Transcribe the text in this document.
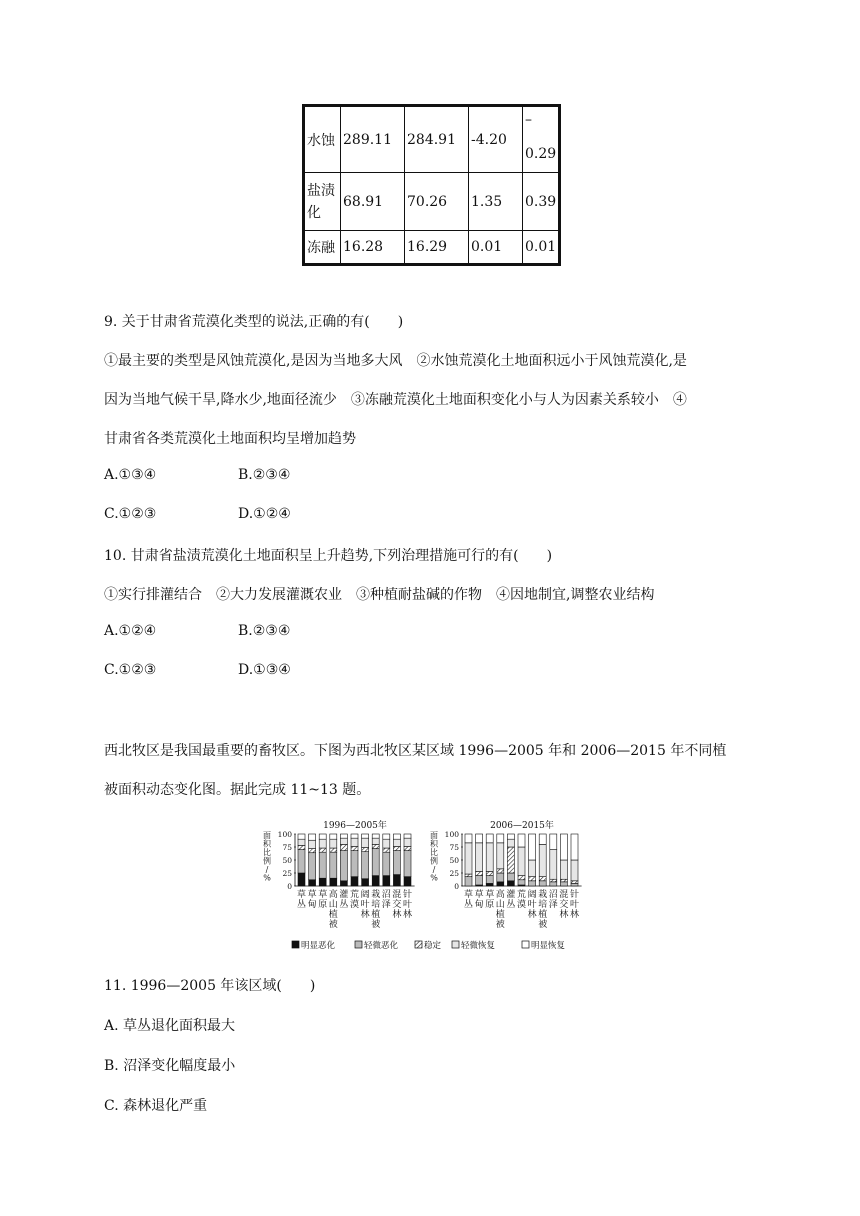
水蚀	289.11	284.91	-4.20	–
0.29

盐渍
化	68.91	70.26	1.35	0.39
冻融	16.28	16.29	0.01	0.01
9. 关于甘肃省荒漠化类型的说法,正确的有(　　)
①最主要的类型是风蚀荒漠化,是因为当地多大风　②水蚀荒漠化土地面积远小于风蚀荒漠化,是
因为当地气候干旱,降水少,地面径流少　③冻融荒漠化土地面积变化小与人为因素关系较小　④
甘肃省各类荒漠化土地面积均呈增加趋势
A.①③④	B.②③④
C.①②③	D.①②④
10. 甘肃省盐渍荒漠化土地面积呈上升趋势,下列治理措施可行的有(　　)
①实行排灌结合　②大力发展灌溉农业　③种植耐盐碱的作物　④因地制宜,调整农业结构
A.①②④	B.②③④
C.①②③	D.①③④
西北牧区是我国最重要的畜牧区。下图为西北牧区某区域 1996—2005 年和 2006—2015 年不同植
被面积动态变化图。据此完成 11~13 题。
面
积
比
例
/
%
1996—2005年
0
25
50
75
100
草
丛
草
甸
草
原
高
山
植
被
灌
丛
荒
漠
阔
叶
林
栽
培
植
被
沼
泽
混
交
林
针
叶
林
面
积
比
例
/
%
2006—2015年
0
25
50
75
100
草
丛
草
甸
草
原
高
山
植
被
灌
丛
荒
漠
阔
叶
林
栽
培
植
被
沼
泽
混
交
林
针
叶
林
明显恶化	轻微恶化	稳定 轻微恢复	明显恢复
11. 1996—2005 年该区域(　　)
A. 草丛退化面积最大
B. 沼泽变化幅度最小
C. 森林退化严重
